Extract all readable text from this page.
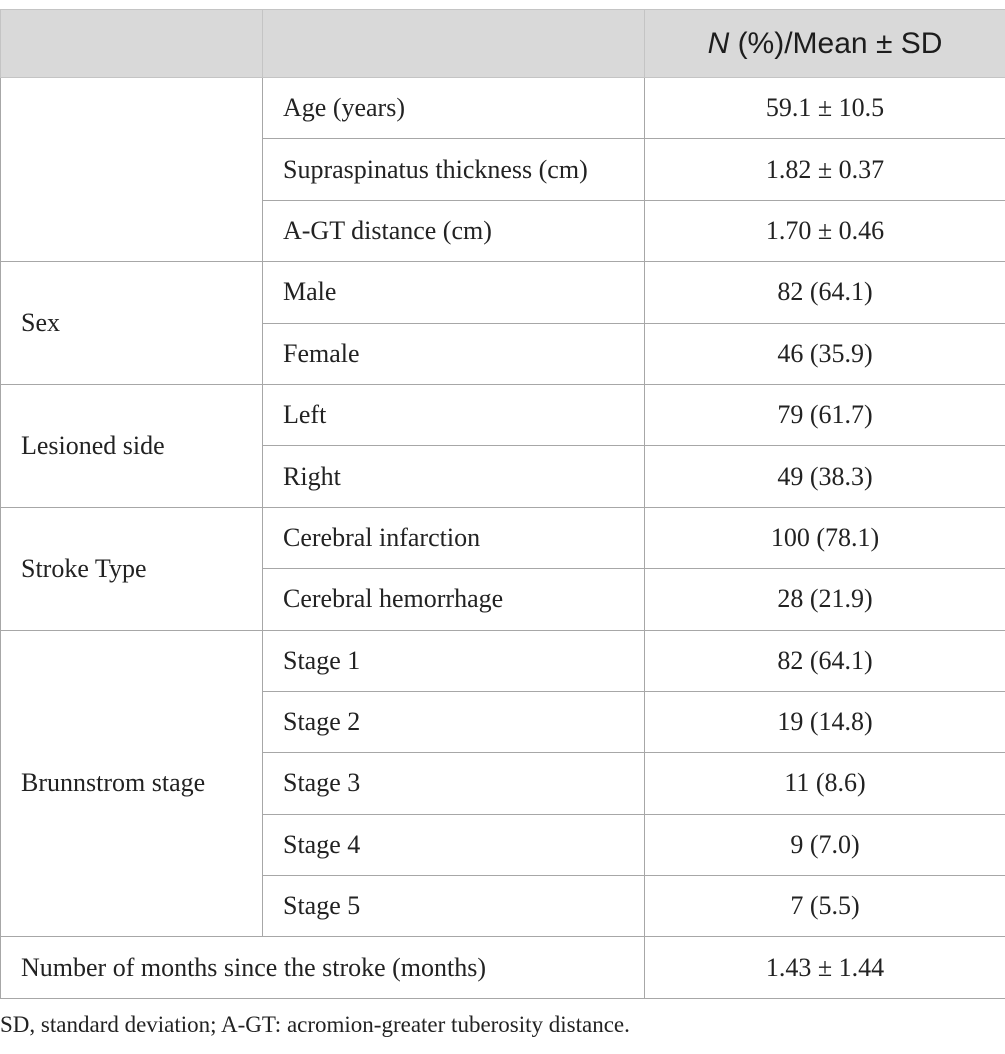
		N (%)/Mean ± SD
	Age (years)	59.1 ± 10.5
	Supraspinatus thickness (cm)	1.82 ± 0.37
	A-GT distance (cm)	1.70 ± 0.46
Sex	Male	82 (64.1)
	Female	46 (35.9)
Lesioned side	Left	79 (61.7)
	Right	49 (38.3)
Stroke Type	Cerebral infarction	100 (78.1)
	Cerebral hemorrhage	28 (21.9)
Brunnstrom stage	Stage 1	82 (64.1)
	Stage 2	19 (14.8)
	Stage 3	11 (8.6)
	Stage 4	9 (7.0)
	Stage 5	7 (5.5)
Number of months since the stroke (months)		1.43 ± 1.44
SD, standard deviation; A-GT: acromion-greater tuberosity distance.
